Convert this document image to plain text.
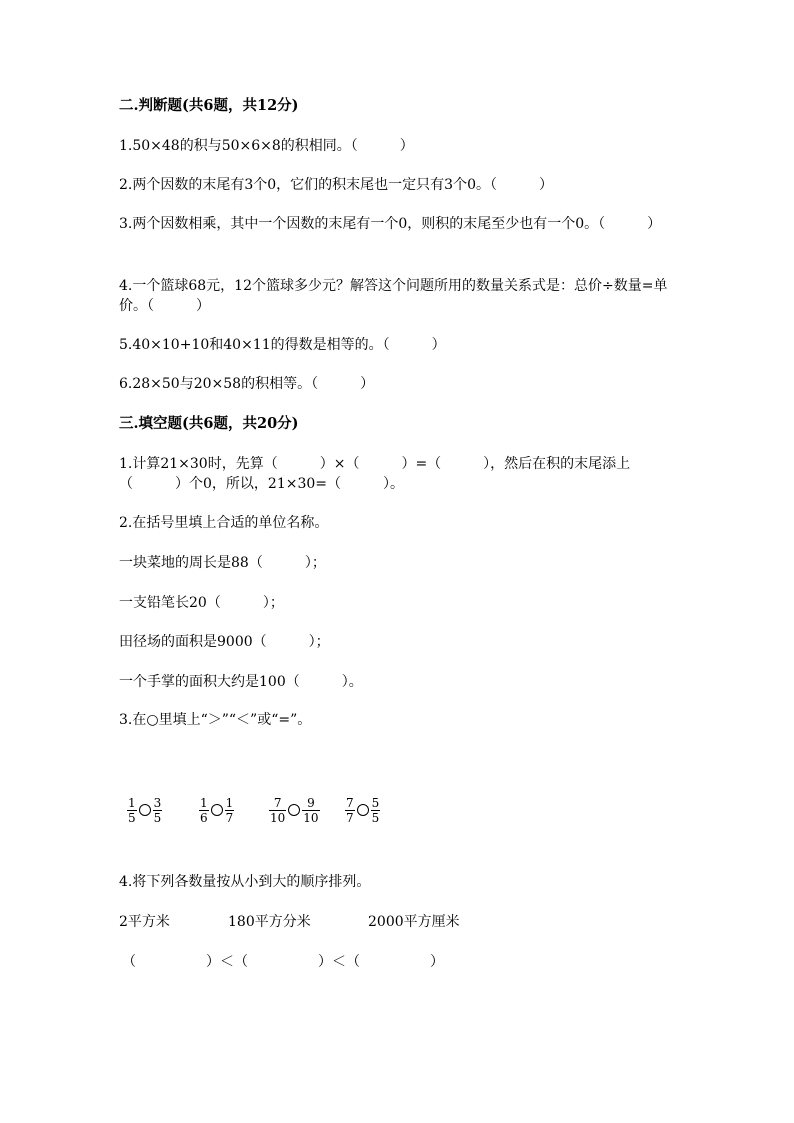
二.判断题(共6题，共12分)
1.50×48的积与50×6×8的积相同。（　　　）
2.两个因数的末尾有3个0，它们的积末尾也一定只有3个0。（　　　）
3.两个因数相乘，其中一个因数的末尾有一个0，则积的末尾至少也有一个0。（　　　）
4.一个篮球68元，12个篮球多少元？解答这个问题所用的数量关系式是：总价÷数量=单价。（　　　）
5.40×10+10和40×11的得数是相等的。（　　　）
6.28×50与20×58的积相等。（　　　）
三.填空题(共6题，共20分)
1.计算21×30时，先算（　　　）×（　　　）=（　　　），然后在积的末尾添上（　　　）个0，所以，21×30=（　　　）。
2.在括号里填上合适的单位名称。
一块菜地的周长是88（　　　）；
一支铅笔长20（　　　）；
田径场的面积是9000（　　　）；
一个手掌的面积大约是100（　　　）。
3.在○里填上“＞”“＜”或“=”。
$\frac{1}{5} \frac{3}{5}$	$\frac{1}{6} \frac{1}{7}$	$\frac{7}{10} \frac{9}{10} \frac{7}{7} \frac{5}{5}$
4.将下列各数量按从小到大的顺序排列。
2平方米	180平方分米	2000平方厘米
（　　　　　）＜（　　　　　）＜（　　　　　）
